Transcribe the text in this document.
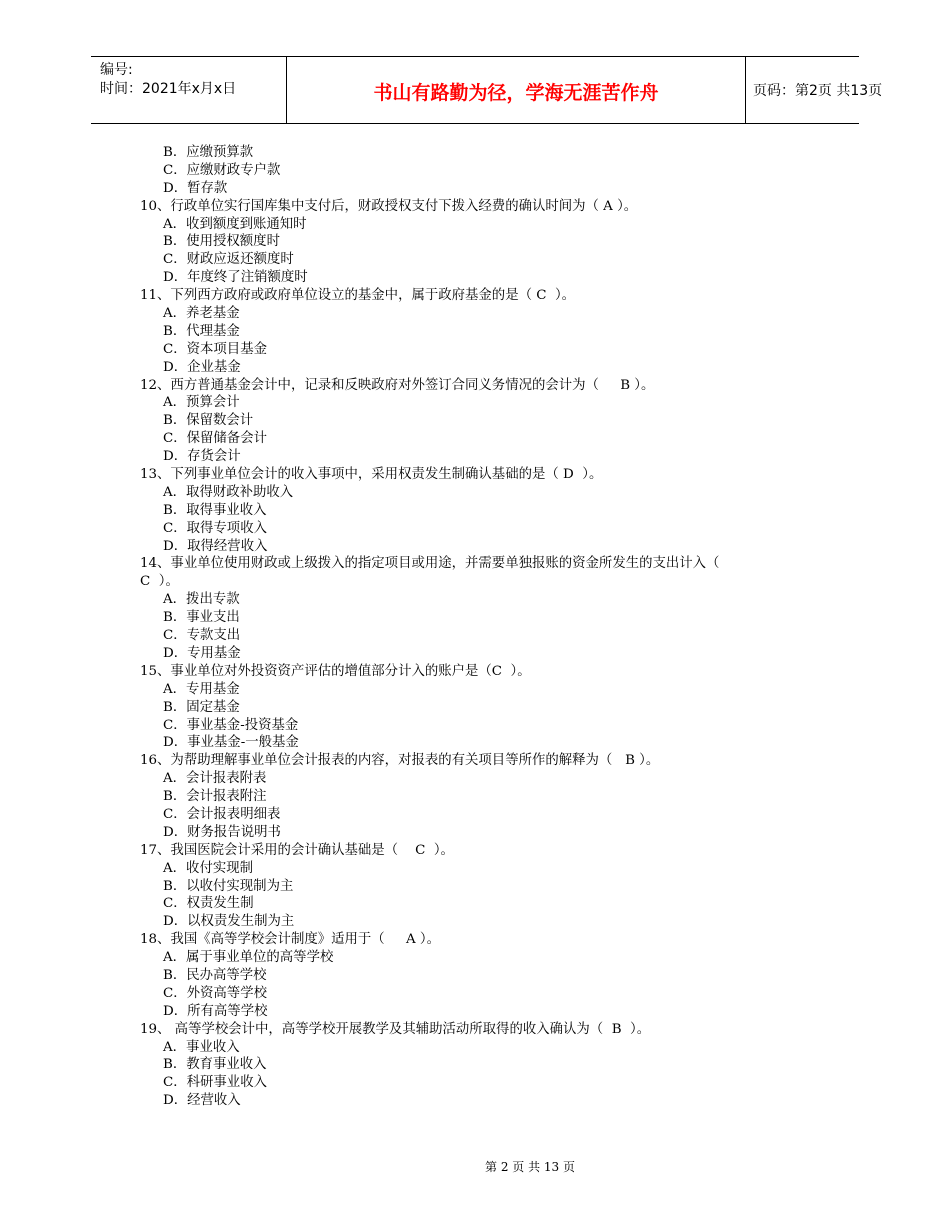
编号:
时间：2021年x月x日	书山有路勤为径，学海无涯苦作舟	页码：第2页 共13页
B．应缴预算款
C．应缴财政专户款
D．暂存款
10、行政单位实行国库集中支付后，财政授权支付下拨入经费的确认时间为（ A ）。
A．收到额度到账通知时
B．使用授权额度时
C．财政应返还额度时
D．年度终了注销额度时
11、下列西方政府或政府单位设立的基金中，属于政府基金的是（ C  ）。
A．养老基金
B．代理基金
C．资本项目基金
D．企业基金
12、西方普通基金会计中，记录和反映政府对外签订合同义务情况的会计为（     B ）。
A．预算会计
B．保留数会计
C．保留储备会计
D．存货会计
13、下列事业单位会计的收入事项中，采用权责发生制确认基础的是（ D  ）。
A．取得财政补助收入
B．取得事业收入
C．取得专项收入
D．取得经营收入
14、事业单位使用财政或上级拨入的指定项目或用途，并需要单独报账的资金所发生的支出计入（
C  ）。
A．拨出专款
B．事业支出
C．专款支出
D．专用基金
15、事业单位对外投资资产评估的增值部分计入的账户是（C  ）。
A．专用基金
B．固定基金
C．事业基金-投资基金
D．事业基金-一般基金
16、为帮助理解事业单位会计报表的内容，对报表的有关项目等所作的解释为（   B ）。
A．会计报表附表
B．会计报表附注
C．会计报表明细表
D．财务报告说明书
17、我国医院会计采用的会计确认基础是（    C  ）。
A．收付实现制
B．以收付实现制为主
C．权责发生制
D．以权责发生制为主
18、我国《高等学校会计制度》适用于（     A ）。
A．属于事业单位的高等学校
B．民办高等学校
C．外资高等学校
D．所有高等学校
19、 高等学校会计中，高等学校开展教学及其辅助活动所取得的收入确认为（  B  ）。
A．事业收入
B．教育事业收入
C．科研事业收入
D．经营收入
第 2 页 共 13 页
